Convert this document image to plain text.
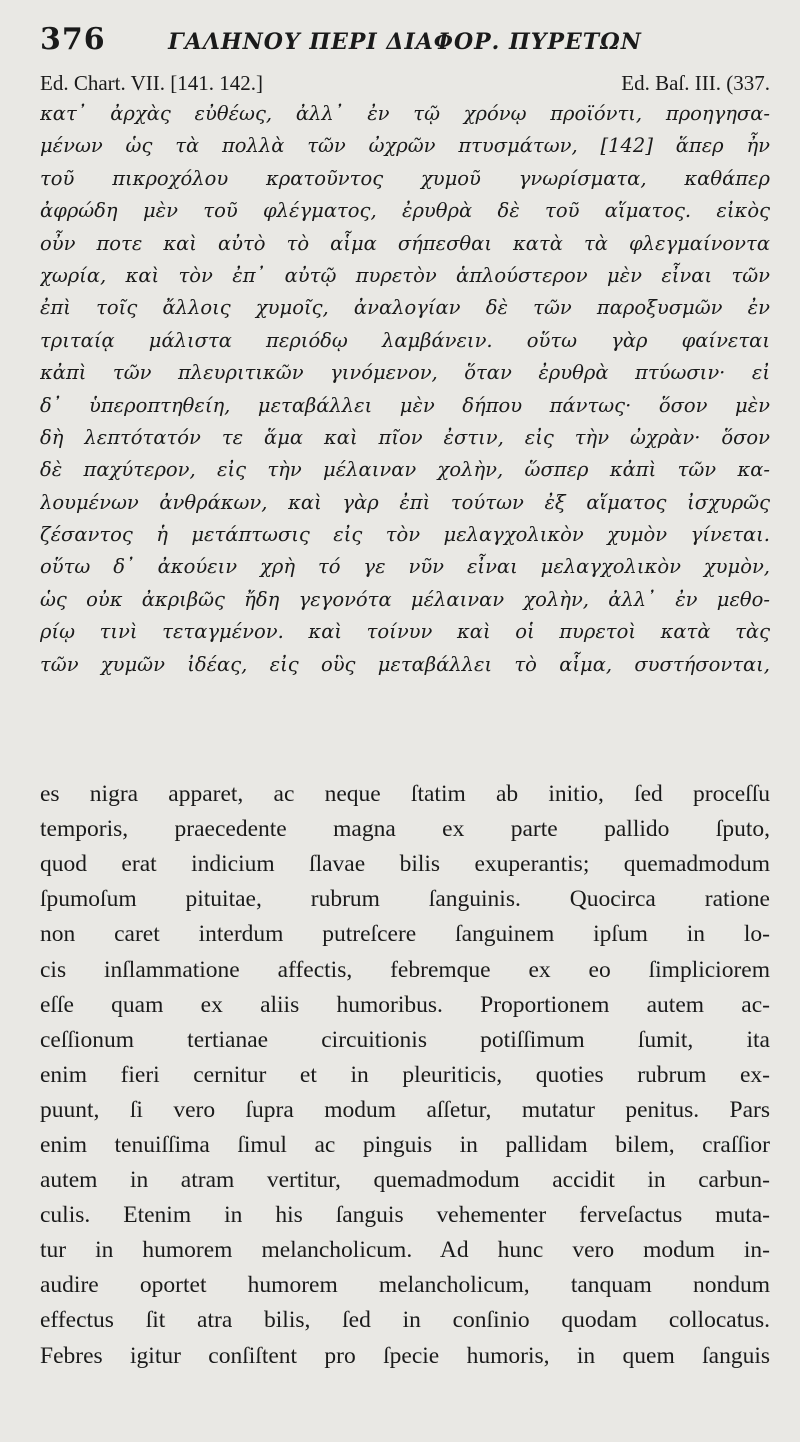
376	ΓΑΛΗΝΟΥ ΠΕΡΙ ΔΙΑΦΟΡ. ΠΥΡΕΤΩΝ
Ed. Chart. VII. [141. 142.]	Ed. Baſ. III. (337.
κατ᾽ ἀρχὰς εὐθέως, ἀλλ᾽ ἐν τῷ χρόνῳ προϊόντι, προηγησα-
μένων ὡς τὰ πολλὰ τῶν ὠχρῶν πτυσμάτων, [142] ἅπερ ἦν
τοῦ πικροχόλου κρατοῦντος χυμοῦ γνωρίσματα, καθάπερ
ἀφρώδη μὲν τοῦ φλέγματος, ἐρυθρὰ δὲ τοῦ αἵματος. εἰκὸς
οὖν ποτε καὶ αὐτὸ τὸ αἷμα σήπεσθαι κατὰ τὰ φλεγμαίνοντα
χωρία, καὶ τὸν ἐπ᾽ αὐτῷ πυρετὸν ἁπλούστερον μὲν εἶναι τῶν
ἐπὶ τοῖς ἄλλοις χυμοῖς, ἀναλογίαν δὲ τῶν παροξυσμῶν ἐν
τριταίᾳ μάλιστα περιόδῳ λαμβάνειν. οὕτω γὰρ φαίνεται
κἀπὶ τῶν πλευριτικῶν γινόμενον, ὅταν ἐρυθρὰ πτύωσιν· εἰ
δ᾽ ὑπεροπτηθείη, μεταβάλλει μὲν δήπου πάντως· ὅσον μὲν
δὴ λεπτότατόν τε ἅμα καὶ πῖον ἐστιν, εἰς τὴν ὠχρὰν· ὅσον
δὲ παχύτερον, εἰς τὴν μέλαιναν χολὴν, ὥσπερ κἀπὶ τῶν κα-
λουμένων ἀνθράκων, καὶ γὰρ ἐπὶ τούτων ἐξ αἵματος ἰσχυρῶς
ζέσαντος ἡ μετάπτωσις εἰς τὸν μελαγχολικὸν χυμὸν γίνεται.
οὕτω δ᾽ ἀκούειν χρὴ τό γε νῦν εἶναι μελαγχολικὸν χυμὸν,
ὡς οὐκ ἀκριβῶς ἤδη γεγονότα μέλαιναν χολὴν, ἀλλ᾽ ἐν μεθο-
ρίῳ τινὶ τεταγμένον. καὶ τοίνυν καὶ οἱ πυρετοὶ κατὰ τὰς
τῶν χυμῶν ἰδέας, εἰς οὓς μεταβάλλει τὸ αἷμα, συστήσονται,
es nigra apparet, ac neque ſtatim ab initio, ſed proceſſu
temporis, praecedente magna ex parte pallido ſputo,
quod erat indicium ſlavae bilis exuperantis; quemadmodum
ſpumoſum pituitae, rubrum ſanguinis. Quocirca ratione
non caret interdum putreſcere ſanguinem ipſum in lo-
cis inſlammatione affectis, febremque ex eo ſimpliciorem
eſſe quam ex aliis humoribus. Proportionem autem ac-
ceſſionum tertianae circuitionis potiſſimum ſumit, ita
enim fieri cernitur et in pleuriticis, quoties rubrum ex-
puunt, ſi vero ſupra modum aſſetur, mutatur penitus. Pars
enim tenuiſſima ſimul ac pinguis in pallidam bilem, craſſior
autem in atram vertitur, quemadmodum accidit in carbun-
culis. Etenim in his ſanguis vehementer ferveſactus muta-
tur in humorem melancholicum. Ad hunc vero modum in-
audire oportet humorem melancholicum, tanquam nondum
effectus ſit atra bilis, ſed in conſinio quodam collocatus.
Febres igitur conſiſtent pro ſpecie humoris, in quem ſanguis
